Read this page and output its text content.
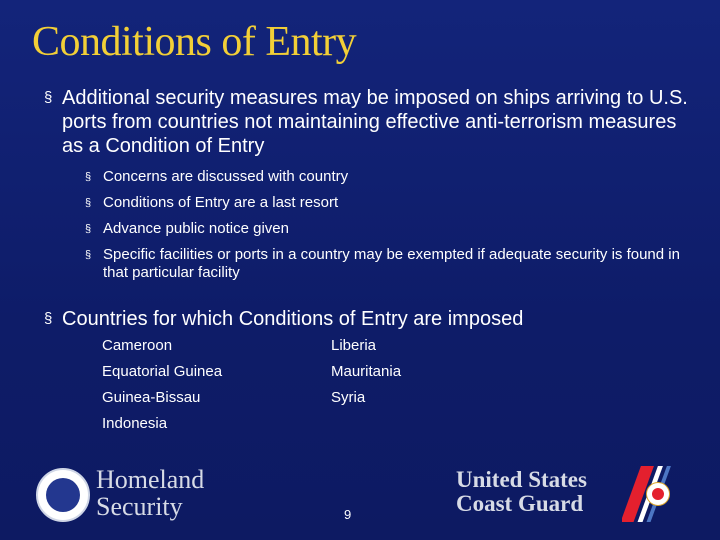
Conditions of Entry
§ Additional security measures may be imposed on ships arriving to U.S. ports from countries not maintaining effective anti-terrorism measures as a Condition of Entry
§ Concerns are discussed with country
§ Conditions of Entry are a last resort
§ Advance public notice given
§ Specific facilities or ports in a country may be exempted if adequate security is found in that particular facility
§ Countries for which Conditions of Entry are imposed
Cameroon	Liberia
Equatorial Guinea	Mauritania
Guinea-Bissau	Syria
Indonesia
Homeland
Security	9
United States
Coast Guard
